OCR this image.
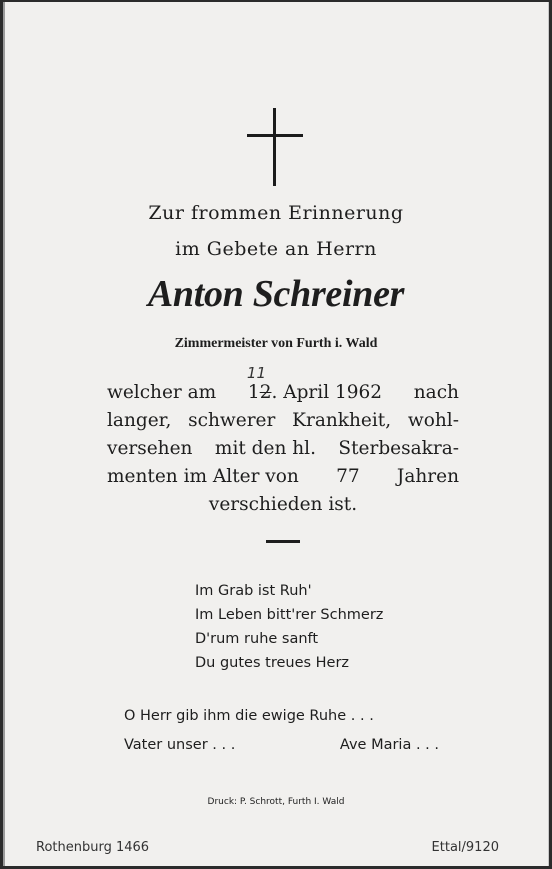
Zur frommen Erinnerung
im Gebete an Herrn
Anton Schreiner
Zimmermeister von Furth i. Wald
welcher am 12
11
. April 1962 nach
langer, schwerer Krankheit, wohl-
versehen mit den hl. Sterbesakra-
menten im Alter von 77 Jahren
verschieden ist.
Im Grab ist Ruh'
Im Leben bitt'rer Schmerz
D'rum ruhe sanft
Du gutes treues Herz
O Herr gib ihm die ewige Ruhe . . .
Vater unser . . .	Ave Maria . . .
Druck: P. Schrott, Furth I. Wald
Rothenburg 1466	Ettal/9120
